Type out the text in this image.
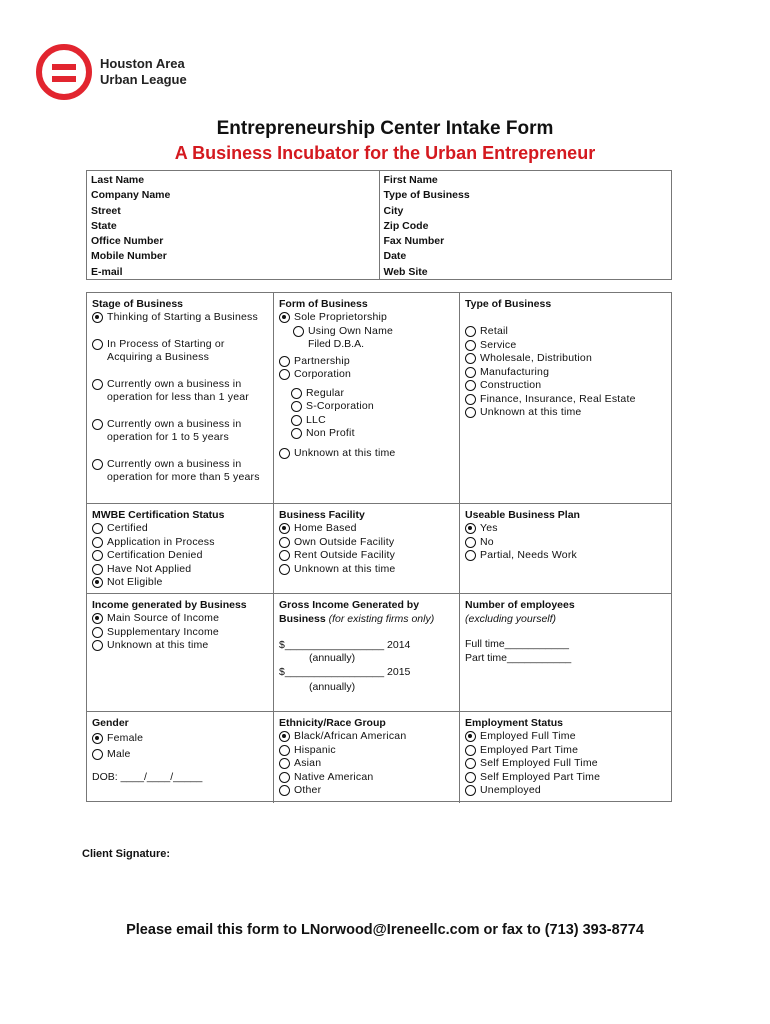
Houston Area
Urban League
Entrepreneurship Center Intake Form
A Business Incubator for the Urban Entrepreneur
Last Name
Company Name
Street
State
Office Number
Mobile Number
E-mail
First Name
Type of Business
City
Zip Code
Fax Number
Date
Web Site
Stage of Business
Thinking of Starting a Business
In Process of Starting or Acquiring a Business
Currently own a business in operation for less than 1 year
Currently own a business in operation for 1 to 5 years
Currently own a business in operation for more than 5 years
Form of Business
Sole Proprietorship
Using Own Name
Filed D.B.A.
Partnership
Corporation
Regular
S-Corporation
LLC
Non Profit
Unknown at this time
Type of Business
Retail
Service
Wholesale, Distribution
Manufacturing
Construction
Finance, Insurance, Real Estate
Unknown at this time
MWBE Certification Status
Certified
Application in Process
Certification Denied
Have Not Applied
Not Eligible
Business Facility
Home Based
Own Outside Facility
Rent Outside Facility
Unknown at this time
Useable Business Plan
Yes
No
Partial, Needs Work
Income generated by Business
Main Source of Income
Supplementary Income
Unknown at this time
Gross Income Generated by
Business (for existing firms only)
$_________________ 2014
(annually)
$_________________ 2015
(annually)
Number of employees
(excluding yourself)
Full time___________
Part time___________
Gender
Female
Male
DOB: ____/____/_____
Ethnicity/Race Group
Black/African American
Hispanic
Asian
Native American
Other
Employment Status
Employed Full Time
Employed Part Time
Self Employed Full Time
Self Employed Part Time
Unemployed
Client Signature:
Please email this form to LNorwood@Ireneellc.com or fax to (713) 393-8774
